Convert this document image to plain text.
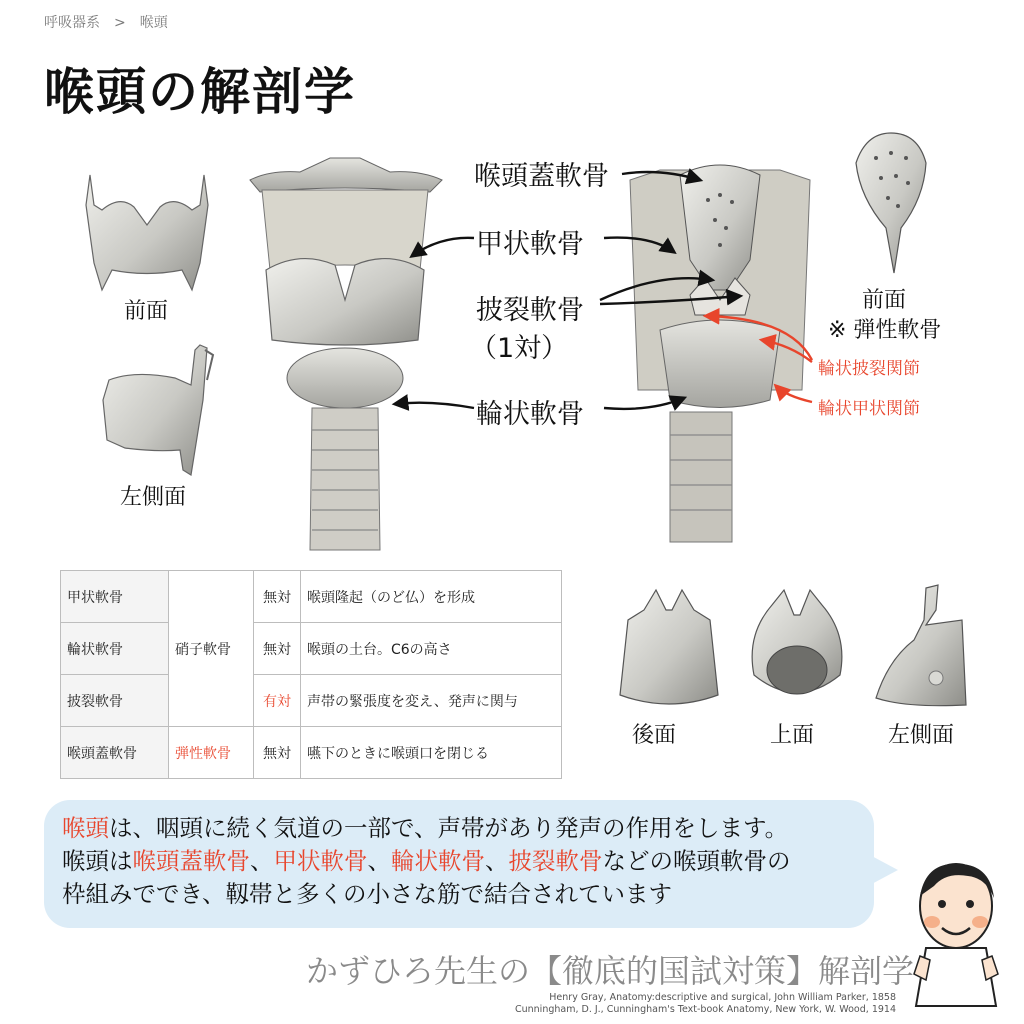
呼吸器系 > 喉頭
喉頭の解剖学
前面
左側面
前面
※ 弾性軟骨
喉頭蓋軟骨
甲状軟骨
披裂軟骨
（1対）
輪状軟骨
輪状披裂関節
輪状甲状関節
甲状軟骨	硝子軟骨	無対	喉頭隆起（のど仏）を形成
輪状軟骨		無対	喉頭の土台。C6の高さ
披裂軟骨		有対	声帯の緊張度を変え、発声に関与
喉頭蓋軟骨	弾性軟骨	無対	嚥下のときに喉頭口を閉じる
後面	上面	左側面
喉頭は、咽頭に続く気道の一部で、声帯があり発声の作用をします。
喉頭は喉頭蓋軟骨、甲状軟骨、輪状軟骨、披裂軟骨などの喉頭軟骨の
枠組みででき、靱帯と多くの小さな筋で結合されています
かずひろ先生の【徹底的国試対策】解剖学
Henry Gray, Anatomy:descriptive and surgical, John William Parker, 1858
Cunningham, D. J., Cunningham's Text-book Anatomy, New York, W. Wood, 1914
